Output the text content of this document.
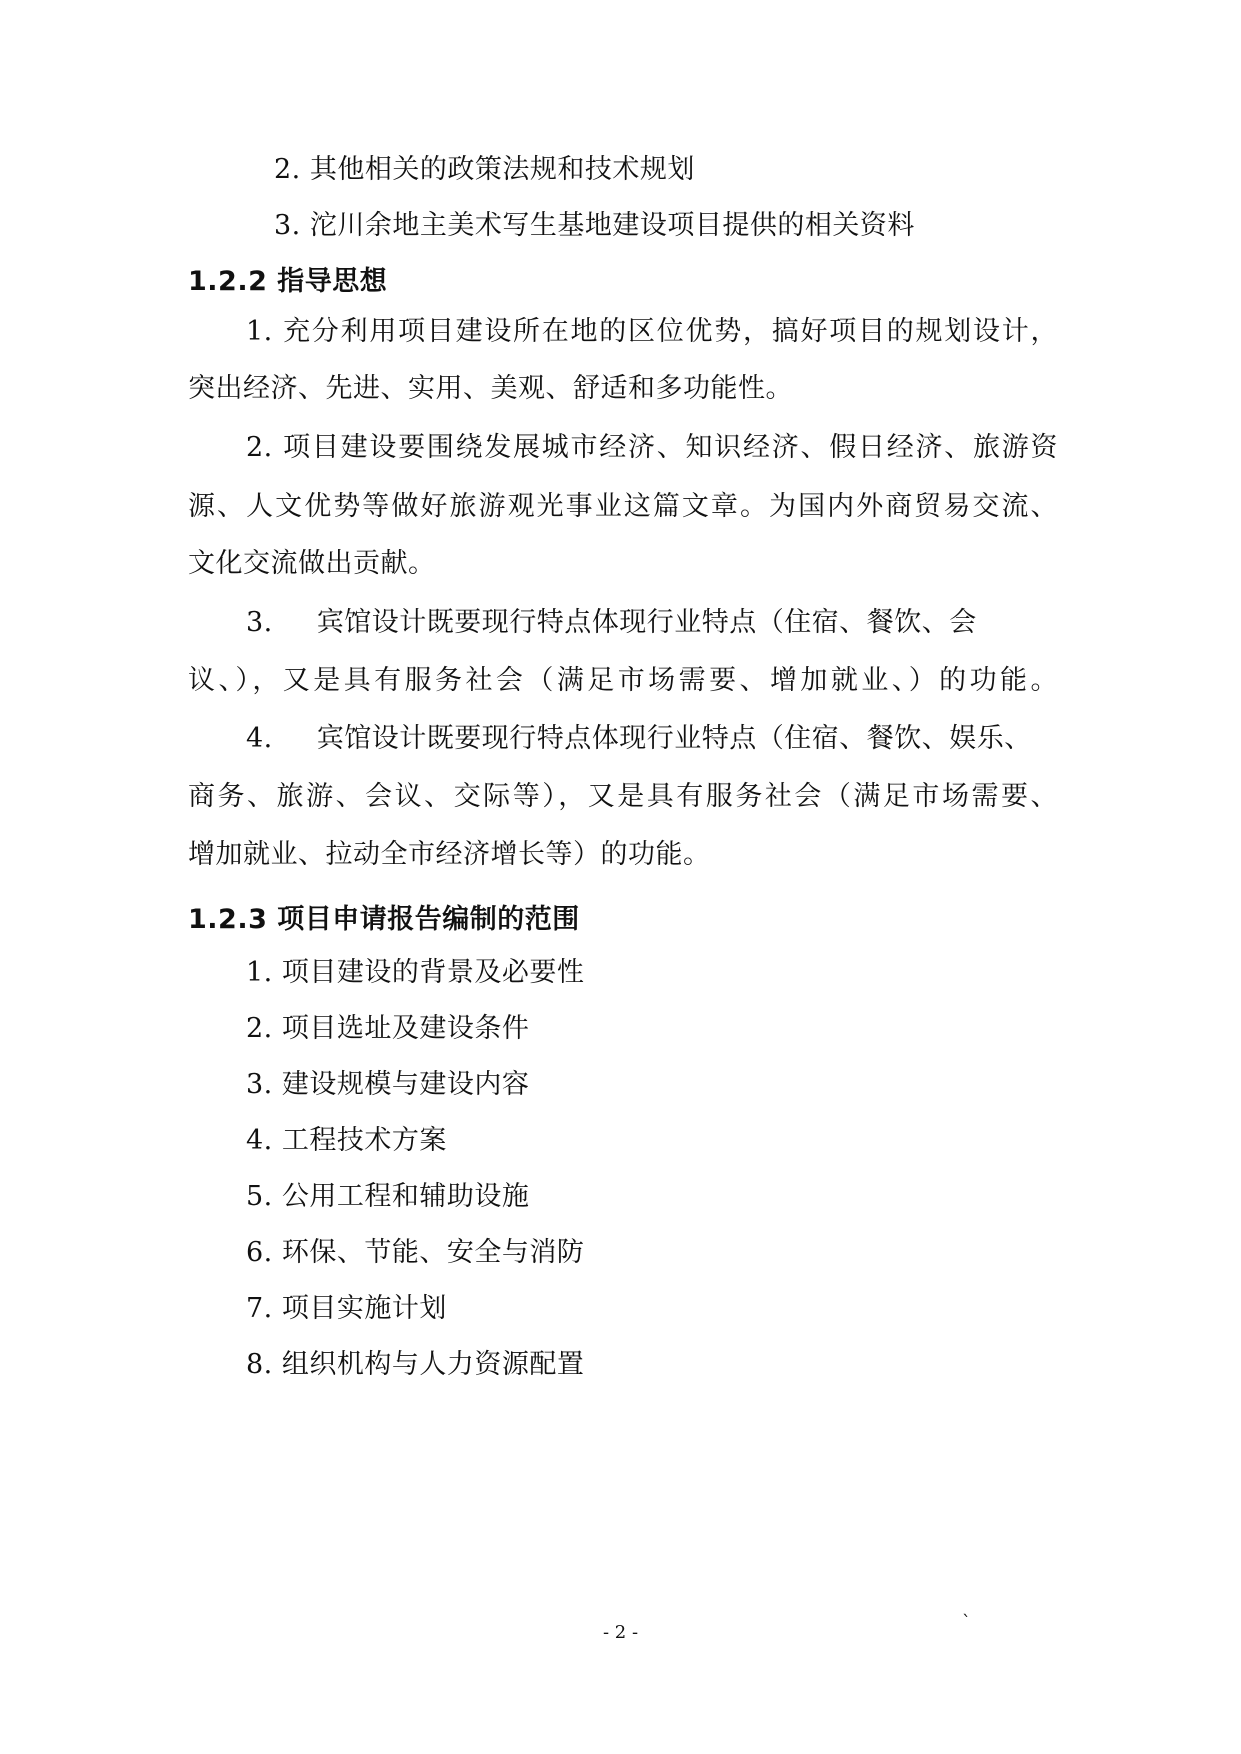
2. 其他相关的政策法规和技术规划
3. 沱川余地主美术写生基地建设项目提供的相关资料
1.2.2 指导思想
1. 充分利用项目建设所在地的区位优势，搞好项目的规划设计，
突出经济、先进、实用、美观、舒适和多功能性。
2. 项目建设要围绕发展城市经济、知识经济、假日经济、旅游资
源、人文优势等做好旅游观光事业这篇文章。为国内外商贸易交流、
文化交流做出贡献。
3. 宾馆设计既要现行特点体现行业特点（住宿、餐饮、会
议、），又是具有服务社会（满足市场需要、增加就业、）的功能。
4. 宾馆设计既要现行特点体现行业特点（住宿、餐饮、娱乐、
商务、旅游、会议、交际等），又是具有服务社会（满足市场需要、
增加就业、拉动全市经济增长等）的功能。
1.2.3 项目申请报告编制的范围
1. 项目建设的背景及必要性
2. 项目选址及建设条件
3. 建设规模与建设内容
4. 工程技术方案
5. 公用工程和辅助设施
6. 环保、节能、安全与消防
7. 项目实施计划
8. 组织机构与人力资源配置
- 2 -	`
